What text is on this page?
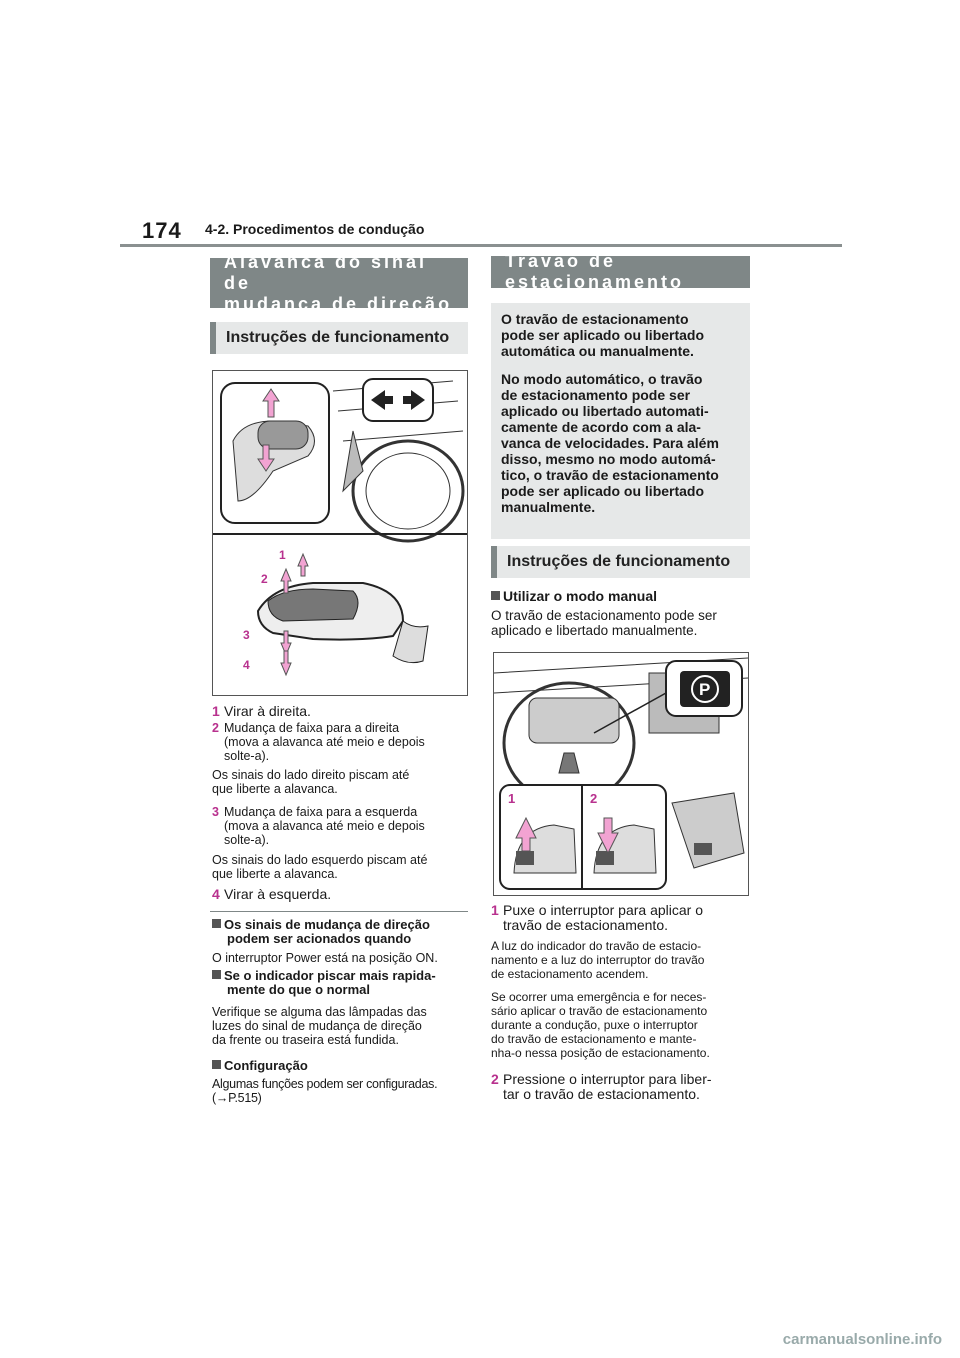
174 4-2. Procedimentos de condução
Alavanca do sinal de
mudança de direção
Instruções de funcionamento
1
2
3
4
1 Virar à direita.
2 Mudança de faixa para a direita
(mova a alavanca até meio e depois
solte-a).
Os sinais do lado direito piscam até
que liberte a alavanca.
3 Mudança de faixa para a esquerda
(mova a alavanca até meio e depois
solte-a).
Os sinais do lado esquerdo piscam até
que liberte a alavanca.
4 Virar à esquerda.
Os sinais de mudança de direção
podem ser acionados quando
O interruptor Power está na posição ON.
Se o indicador piscar mais rapida-
mente do que o normal
Verifique se alguma das lâmpadas das
luzes do sinal de mudança de direção
da frente ou traseira está fundida.
Configuração
Algumas funções podem ser configuradas.
(→P.515)
Travão de estacionamento

O travão de estacionamento
pode ser aplicado ou libertado
automática ou manualmente.

No modo automático, o travão
de estacionamento pode ser
aplicado ou libertado automati-
camente de acordo com a ala-
vanca de velocidades. Para além
disso, mesmo no modo automá-
tico, o travão de estacionamento
pode ser aplicado ou libertado
manualmente.

Instruções de funcionamento
Utilizar o modo manual
O travão de estacionamento pode ser
aplicado e libertado manualmente.
P
1	2
1 Puxe o interruptor para aplicar o
travão de estacionamento.
A luz do indicador do travão de estacio-
namento e a luz do interruptor do travão
de estacionamento acendem.
Se ocorrer uma emergência e for neces-
sário aplicar o travão de estacionamento
durante a condução, puxe o interruptor
do travão de estacionamento e mante-
nha-o nessa posição de estacionamento.
2 Pressione o interruptor para liber-
tar o travão de estacionamento.
carmanualsonline.info
